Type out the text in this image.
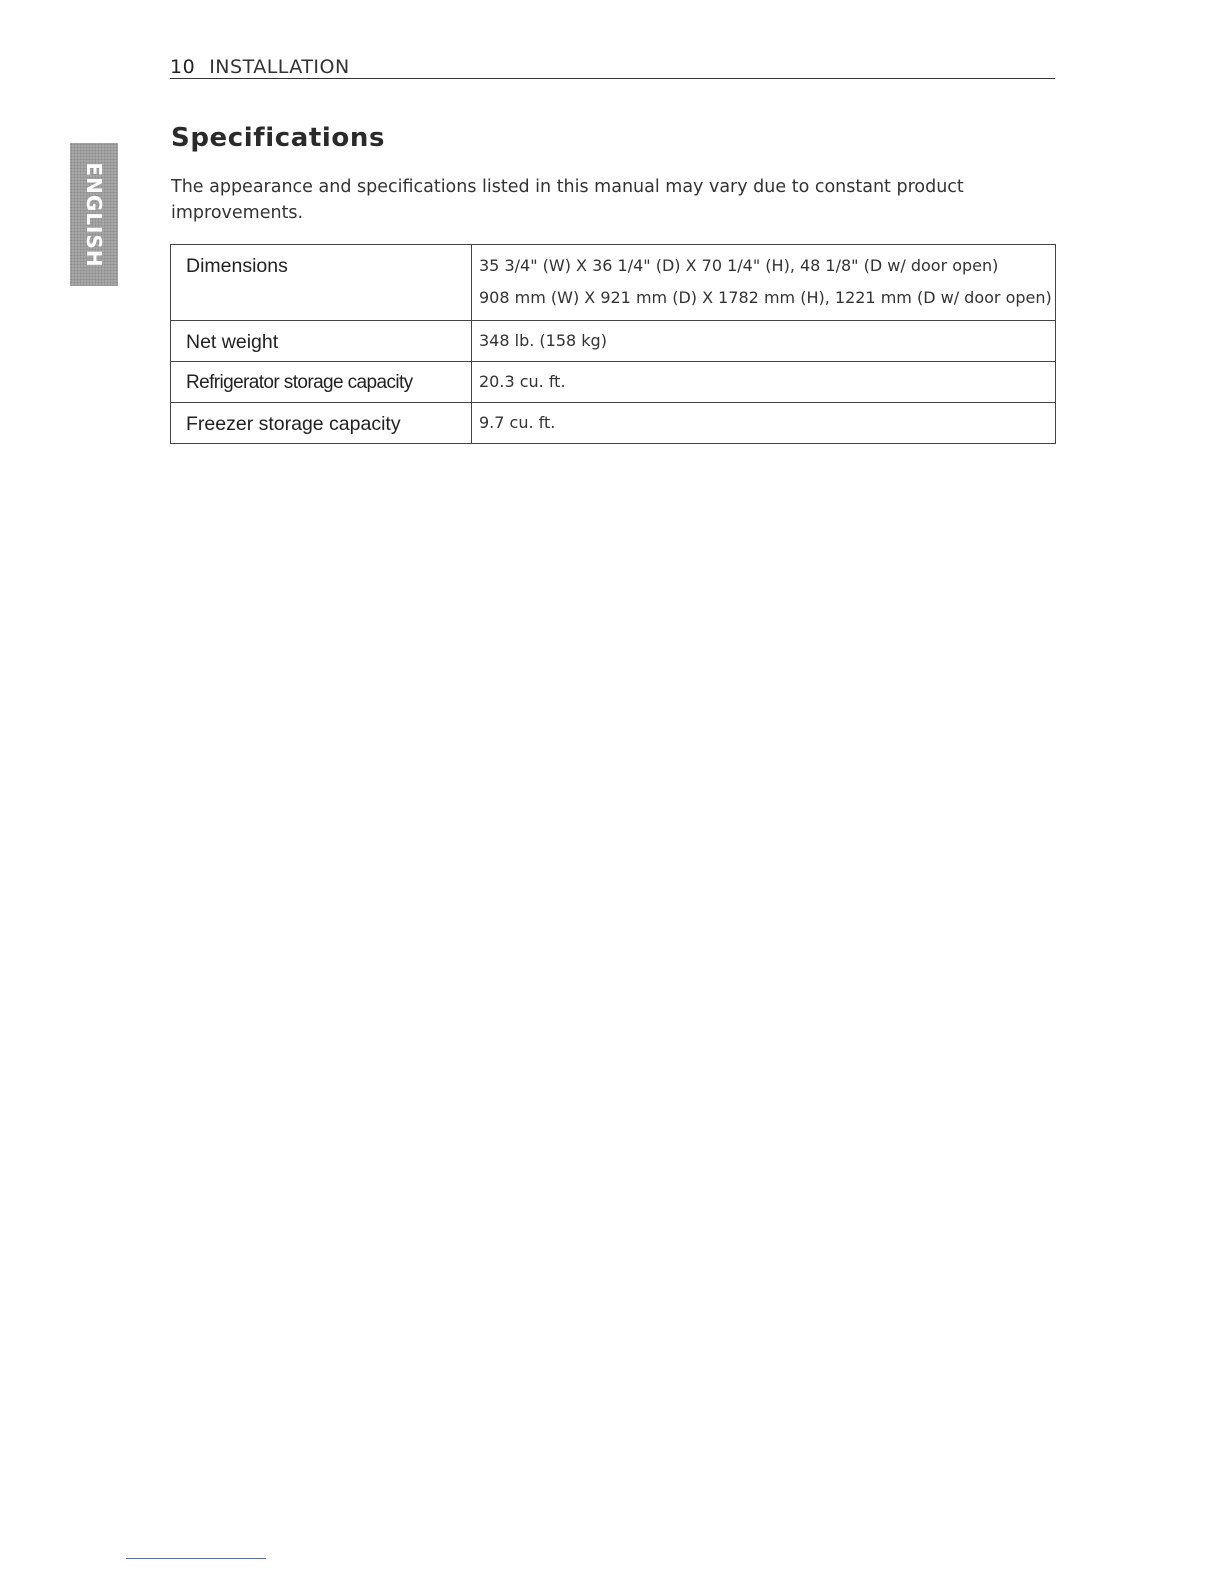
10 INSTALLATION
ENGLISH
Specifications

The appearance and specifications listed in this manual may vary due to constant product improvements.

Dimensions	35 3/4" (W) X 36 1/4" (D) X 70 1/4" (H), 48 1/8" (D w/ door open)
908 mm (W) X 921 mm (D) X 1782 mm (H), 1221 mm (D w/ door open)

Net weight	348 lb. (158 kg)
Refrigerator storage capacity	20.3 cu. ft.
Freezer storage capacity	9.7 cu. ft.
